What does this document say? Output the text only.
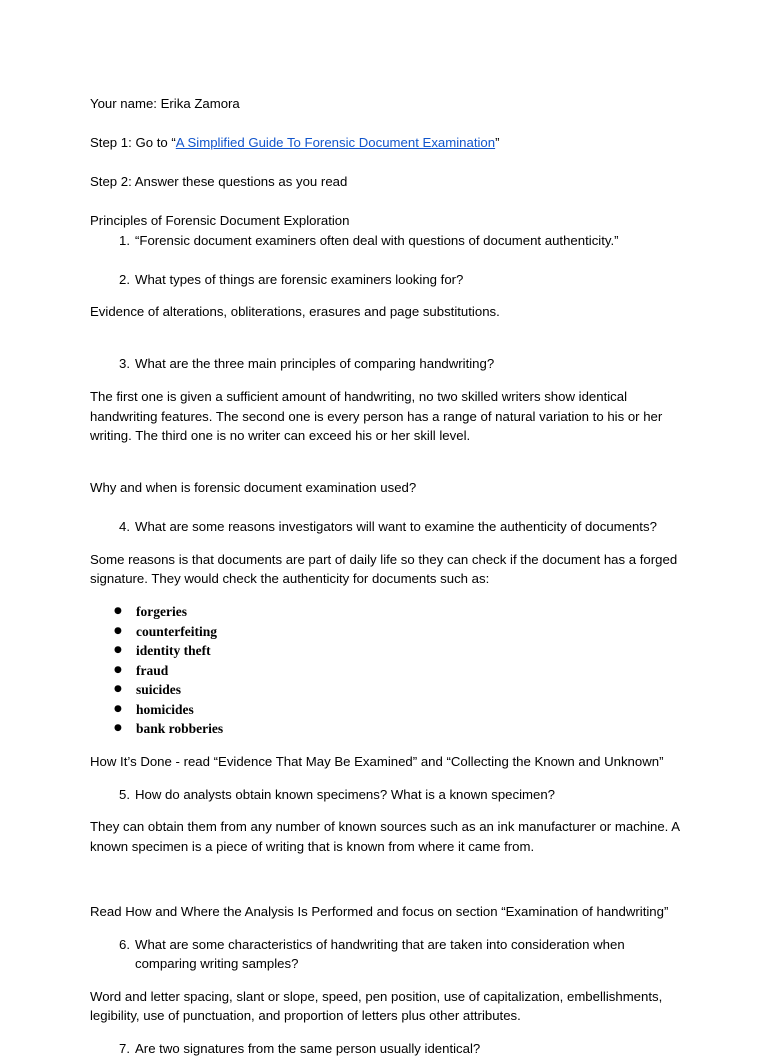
Your name: Erika Zamora

Step 1: Go to “A Simplified Guide To Forensic Document Examination”

Step 2: Answer these questions as you read

Principles of Forensic Document Exploration

1. “Forensic document examiners often deal with questions of document authenticity.”
2. What types of things are forensic examiners looking for?

Evidence of alterations, obliterations, erasures and page substitutions.

3. What are the three main principles of comparing handwriting?

The first one is given a sufficient amount of handwriting, no two skilled writers show identical handwriting features. The second one is every person has a range of natural variation to his or her writing. The third one is no writer can exceed his or her skill level.

Why and when is forensic document examination used?

4. What are some reasons investigators will want to examine the authenticity of documents?

Some reasons is that documents are part of daily life so they can check if the document has a forged signature. They would check the authenticity for documents such as:

● forgeries
● counterfeiting
● identity theft
● fraud
● suicides
● homicides
● bank robberies

How It’s Done - read “Evidence That May Be Examined” and “Collecting the Known and Unknown”

5. How do analysts obtain known specimens? What is a known specimen?

They can obtain them from any number of known sources such as an ink manufacturer or machine. A known specimen is a piece of writing that is known from where it came from.

Read How and Where the Analysis Is Performed and focus on section “Examination of handwriting”

6. What are some characteristics of handwriting that are taken into consideration when comparing writing samples?

Word and letter spacing, slant or slope, speed, pen position, use of capitalization, embellishments, legibility, use of punctuation, and proportion of letters plus other attributes.

7. Are two signatures from the same person usually identical?
